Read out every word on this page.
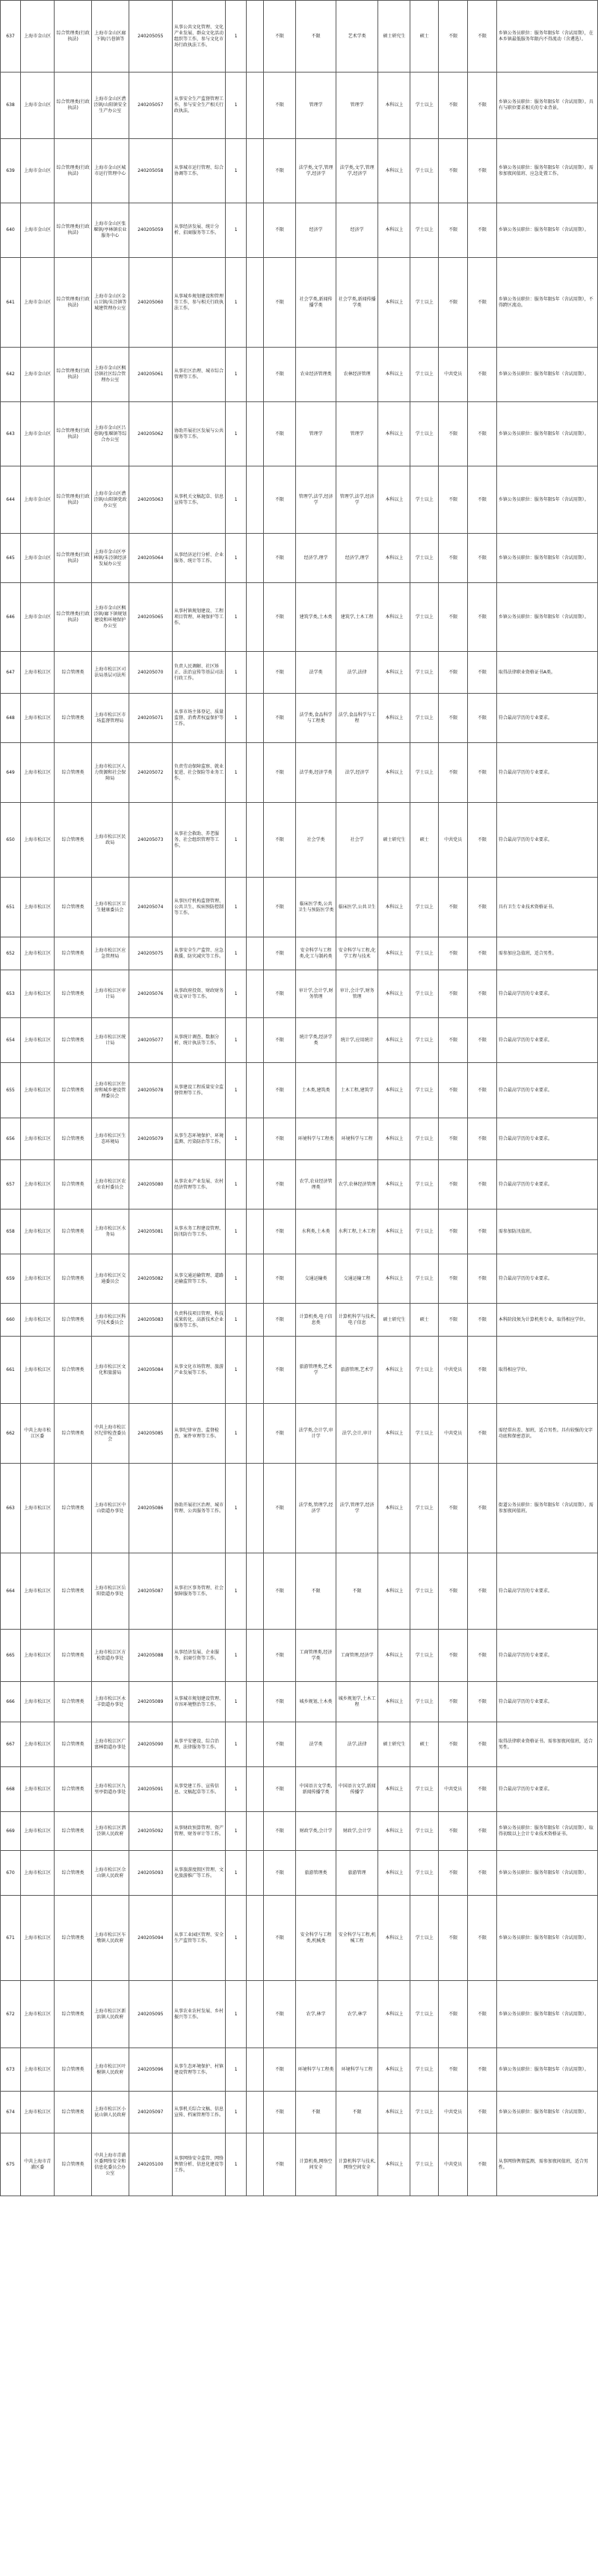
637	上海市金山区	综合管理类(行政执法)	上海市金山区廊下镇/吕巷镇等	240205055	从事公共文化管理、文化产业发展、群众文化活动组织等工作，参与文化市场行政执法工作。	1		不限	不限	艺术学类	硕士研究生	硕士	不限	不限	乡镇公务员职位：服务年限5年（含试用期），在本乡镇最低服务年限内不得流动（含遴选）。
638	上海市金山区	综合管理类(行政执法)	上海市金山区漕泾镇/山阳镇安全生产办公室	240205057	从事安全生产监督管理工作，参与安全生产相关行政执法。	1		不限	管理学	管理学	本科以上	学士以上	不限	不限	乡镇公务员职位：服务年限5年（含试用期）。具有与职位要求相关的专业背景。
639	上海市金山区	综合管理类(行政执法)	上海市金山区城市运行管理中心	240205058	从事城市运行管理、综合协调等工作。	1		不限	法学类,文学,管理学,经济学	法学类,文学,管理学,经济学	本科以上	学士以上	不限	不限	乡镇公务员职位：服务年限5年（含试用期）。需参加夜间值班、应急处置工作。
640	上海市金山区	综合管理类(行政执法)	上海市金山区张堰镇/亭林镇农业服务中心	240205059	从事经济发展、统计分析、招商服务等工作。	1		不限	经济学	经济学	本科以上	学士以上	不限	不限	乡镇公务员职位：服务年限5年（含试用期）。
641	上海市金山区	综合管理类(行政执法)	上海市金山区金山卫镇/朱泾镇等城建管理办公室	240205060	从事城乡规划建设和管理等工作，参与相关行政执法工作。	1		不限	社会学类,新闻传播学类	社会学类,新闻传播学类	本科以上	学士以上	不限	不限	乡镇公务员职位：服务年限5年（含试用期），不得跨区流动。
642	上海市金山区	综合管理类(行政执法)	上海市金山区枫泾镇社区综合管理办公室	240205061	从事社区治理、城市综合管理等工作。	1		不限	农业经济管理类	农林经济管理	本科以上	学士以上	中共党员	不限	乡镇公务员职位：服务年限5年（含试用期）。
643	上海市金山区	综合管理类(行政执法)	上海市金山区吕巷镇/张堰镇等综合办公室	240205062	协助开展社区发展与公共服务等工作。	1		不限	管理学	管理学	本科以上	学士以上	不限	不限	乡镇公务员职位：服务年限5年（含试用期）。
644	上海市金山区	综合管理类(行政执法)	上海市金山区漕泾镇/山阳镇党政办公室	240205063	从事机关文稿起草、信息宣传等工作。	1		不限	管理学,法学,经济学	管理学,法学,经济学	本科以上	学士以上	不限	不限	乡镇公务员职位：服务年限5年（含试用期）。
645	上海市金山区	综合管理类(行政执法)	上海市金山区亭林镇/朱泾镇经济发展办公室	240205064	从事经济运行分析、企业服务、统计等工作。	1		不限	经济学,理学	经济学,理学	本科以上	学士以上	不限	不限	乡镇公务员职位：服务年限5年（含试用期）。
646	上海市金山区	综合管理类(行政执法)	上海市金山区枫泾镇/廊下镇规划建设和环境保护办公室	240205065	从事村镇规划建设、工程项目管理、环境保护等工作。	1		不限	建筑学类,土木类	建筑学,土木工程	本科以上	学士以上	不限	不限	乡镇公务员职位：服务年限5年（含试用期）。
647	上海市松江区	综合管理类	上海市松江区司法局基层司法所	240205070	负责人民调解、社区矫正、法治宣传等基层司法行政工作。	1		不限	法学类	法学,法律	本科以上	学士以上	不限	不限	取得法律职业资格证书A类。
648	上海市松江区	综合管理类	上海市松江区市场监督管理局	240205071	从事市场主体登记、质量监督、消费者权益保护等工作。	1		不限	法学类,食品科学与工程类	法学,食品科学与工程	本科以上	学士以上	不限	不限	符合最高学历的专业要求。
649	上海市松江区	综合管理类	上海市松江区人力资源和社会保障局	240205072	负责劳动保障监察、就业促进、社会保险等业务工作。	1		不限	法学类,经济学类	法学,经济学	本科以上	学士以上	不限	不限	符合最高学历的专业要求。
650	上海市松江区	综合管理类	上海市松江区民政局	240205073	从事社会救助、养老服务、社会组织管理等工作。	1		不限	社会学类	社会学	硕士研究生	硕士	中共党员	不限	符合最高学历的专业要求。
651	上海市松江区	综合管理类	上海市松江区卫生健康委员会	240205074	从事医疗机构监督管理、公共卫生、疾病预防控制等工作。	1		不限	临床医学类,公共卫生与预防医学类	临床医学,公共卫生	本科以上	学士以上	不限	不限	具有卫生专业技术资格证书。
652	上海市松江区	综合管理类	上海市松江区应急管理局	240205075	从事安全生产监管、应急救援、防灾减灾等工作。	1		不限	安全科学与工程类,化工与制药类	安全科学与工程,化学工程与技术	本科以上	学士以上	不限	不限	需参加应急值班，适合男性。
653	上海市松江区	综合管理类	上海市松江区审计局	240205076	从事政府投资、财政财务收支审计等工作。	1		不限	审计学,会计学,财务管理	审计,会计学,财务管理	本科以上	学士以上	不限	不限	符合最高学历的专业要求。
654	上海市松江区	综合管理类	上海市松江区统计局	240205077	从事统计调查、数据分析、统计执法等工作。	1		不限	统计学类,经济学类	统计学,应用统计	本科以上	学士以上	不限	不限	符合最高学历的专业要求。
655	上海市松江区	综合管理类	上海市松江区住房和城乡建设管理委员会	240205078	从事建设工程质量安全监督管理等工作。	1		不限	土木类,建筑类	土木工程,建筑学	本科以上	学士以上	不限	不限	符合最高学历的专业要求。
656	上海市松江区	综合管理类	上海市松江区生态环境局	240205079	从事生态环境保护、环境监测、污染防治等工作。	1		不限	环境科学与工程类	环境科学与工程	本科以上	学士以上	不限	不限	符合最高学历的专业要求。
657	上海市松江区	综合管理类	上海市松江区农业农村委员会	240205080	从事农业产业发展、农村经济管理等工作。	1		不限	农学,农业经济管理类	农学,农林经济管理	本科以上	学士以上	不限	不限	符合最高学历的专业要求。
658	上海市松江区	综合管理类	上海市松江区水务局	240205081	从事水务工程建设管理、防汛防台等工作。	1		不限	水利类,土木类	水利工程,土木工程	本科以上	学士以上	不限	不限	需参加防汛值班。
659	上海市松江区	综合管理类	上海市松江区交通委员会	240205082	从事交通运输管理、道路运输监管等工作。	1		不限	交通运输类	交通运输工程	本科以上	学士以上	不限	不限	符合最高学历的专业要求。
660	上海市松江区	综合管理类	上海市松江区科学技术委员会	240205083	负责科技项目管理、科技成果转化、高新技术企业服务等工作。	1		不限	计算机类,电子信息类	计算机科学与技术,电子信息	硕士研究生	硕士	不限	不限	本科阶段须为计算机类专业，取得相应学位。
661	上海市松江区	综合管理类	上海市松江区文化和旅游局	240205084	从事文化市场管理、旅游产业发展等工作。	1		不限	旅游管理类,艺术学	旅游管理,艺术学	本科以上	学士以上	中共党员	不限	取得相应学位。
662	中共上海市松江区委	综合管理类	中共上海市松江区纪律检查委员会	240205085	从事纪律审查、监督检查、案件审理等工作。	1		不限	法学类,会计学,审计学	法学,会计,审计	本科以上	学士以上	中共党员	不限	需经常出差、加班，适合男性。具有较强的文字功底和保密意识。
663	上海市松江区	综合管理类	上海市松江区中山街道办事处	240205086	协助开展社区治理、城市管理、公共服务等工作。	1		不限	法学类,管理学,经济学	法学,管理学,经济学	本科以上	学士以上	不限	不限	街道公务员职位：服务年限5年（含试用期）。需参加夜间值班。
664	上海市松江区	综合管理类	上海市松江区岳阳街道办事处	240205087	从事社区事务管理、社会保障服务等工作。	1		不限	不限	不限	本科以上	学士以上	不限	不限	符合最高学历的专业要求。
665	上海市松江区	综合管理类	上海市松江区方松街道办事处	240205088	从事经济发展、企业服务、招商引资等工作。	1		不限	工商管理类,经济学类	工商管理,经济学	本科以上	学士以上	不限	不限	符合最高学历的专业要求。
666	上海市松江区	综合管理类	上海市松江区永丰街道办事处	240205089	从事城市规划建设管理、市容环境整治等工作。	1		不限	城乡规划,土木类	城乡规划学,土木工程	本科以上	学士以上	不限	不限	符合最高学历的专业要求。
667	上海市松江区	综合管理类	上海市松江区广富林街道办事处	240205090	从事平安建设、综合治理、法律服务等工作。	1		不限	法学类	法学,法律	硕士研究生	硕士	不限	不限	取得法律职业资格证书。需参加夜间值班，适合男性。
668	上海市松江区	综合管理类	上海市松江区九里亭街道办事处	240205091	从事党建工作、宣传信息、文稿起草等工作。	1		不限	中国语言文学类,新闻传播学类	中国语言文学,新闻传播学	本科以上	学士以上	中共党员	不限	符合最高学历的专业要求。
669	上海市松江区	综合管理类	上海市松江区泗泾镇人民政府	240205092	从事财政预算管理、资产管理、财务审计等工作。	1		不限	财政学类,会计学	财政学,会计学	本科以上	学士以上	不限	不限	乡镇公务员职位：服务年限5年（含试用期）。取得初级以上会计专业技术资格证书。
670	上海市松江区	综合管理类	上海市松江区佘山镇人民政府	240205093	从事旅游度假区管理、文化旅游推广等工作。	1		不限	旅游管理类	旅游管理	本科以上	学士以上	不限	不限	乡镇公务员职位：服务年限5年（含试用期）。
671	上海市松江区	综合管理类	上海市松江区车墩镇人民政府	240205094	从事工业园区管理、安全生产监管等工作。	1		不限	安全科学与工程类,机械类	安全科学与工程,机械工程	本科以上	学士以上	不限	不限	乡镇公务员职位：服务年限5年（含试用期）。
672	上海市松江区	综合管理类	上海市松江区新浜镇人民政府	240205095	从事农业农村发展、乡村振兴等工作。	1		不限	农学,林学	农学,林学	本科以上	学士以上	不限	不限	乡镇公务员职位：服务年限5年（含试用期）。
673	上海市松江区	综合管理类	上海市松江区叶榭镇人民政府	240205096	从事生态环境保护、村镇建设管理等工作。	1		不限	环境科学与工程类	环境科学与工程	本科以上	学士以上	不限	不限	乡镇公务员职位：服务年限5年（含试用期）。
674	上海市松江区	综合管理类	上海市松江区小昆山镇人民政府	240205097	从事机关综合文稿、信息宣传、档案管理等工作。	1		不限	不限	不限	本科以上	学士以上	中共党员	不限	乡镇公务员职位：服务年限5年（含试用期）。
675	中共上海市青浦区委	综合管理类	中共上海市青浦区委网络安全和信息化委员会办公室	240205100	从事网络安全监管、网络舆情分析、信息化建设等工作。	1		不限	计算机类,网络空间安全	计算机科学与技术,网络空间安全	本科以上	学士以上	中共党员	不限	从事网络舆情监测，需参加夜间值班，适合男性。
